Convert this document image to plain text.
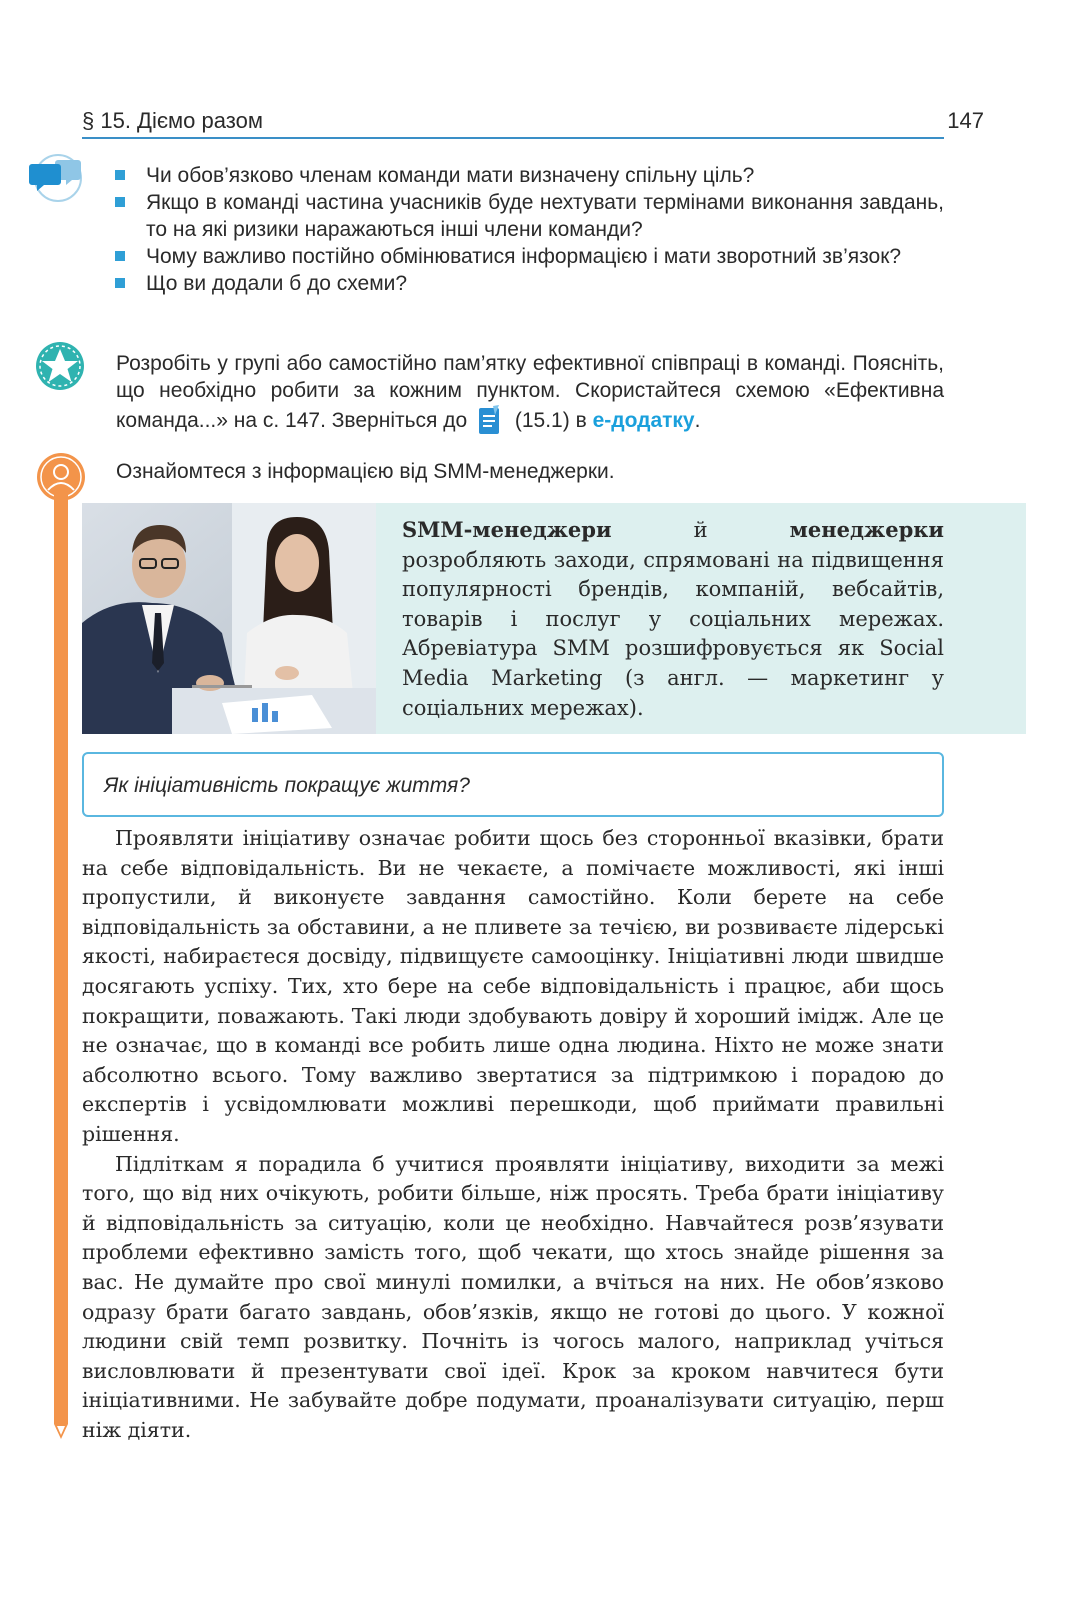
§ 15. Діємо разом	147
Чи обов’язково членам команди мати визначену спільну ціль?
Якщо в команді частина учасників буде нехтувати термінами виконання завдань, то на які ризики наражаються інші члени команди?
Чому важливо постійно обмінюватися інформацією і мати зворотний зв’язок?
Що ви додали б до схеми?
Розробіть у групі або самостійно пам’ятку ефективної співпраці в команді. Поясніть, що необхідно робити за кожним пунктом. Скористайтеся схемою «Ефективна команда...» на с. 147. Зверніться до (15.1) в е-додатку.
Ознайомтеся з інформацією від SMM-менеджерки.
SMM-менеджери й менеджерки розробляють заходи, спрямовані на підвищення популярності брендів, компаній, вебсайтів, товарів і послуг у соціальних мережах. Абревіатура SMM розшифровується як Social Media Marketing (з англ. — маркетинг у соціальних мережах).
Як ініціативність покращує життя?

Проявляти ініціативу означає робити щось без сторонньої вказівки, брати на себе відповідальність. Ви не чекаєте, а помічаєте можливості, які інші пропустили, й виконуєте завдання самостійно. Коли берете на себе відповідальність за обставини, а не пливете за течією, ви розвиваєте лідерські якості, набираєтеся досвіду, підвищуєте самооцінку. Ініціативні люди швидше досягають успіху. Тих, хто бере на себе відповідальність і працює, аби щось покращити, поважають. Такі люди здобувають довіру й хороший імідж. Але це не означає, що в команді все робить лише одна людина. Ніхто не може знати абсолютно всього. Тому важливо звертатися за підтримкою і порадою до експертів і усвідомлювати можливі перешкоди, щоб приймати правильні рішення.

Підліткам я порадила б учитися проявляти ініціативу, виходити за межі того, що від них очікують, робити більше, ніж просять. Треба брати ініціативу й відповідальність за ситуацію, коли це необхідно. Навчайтеся розв’язувати проблеми ефективно замість того, щоб чекати, що хтось знайде рішення за вас. Не думайте про свої минулі помилки, а вчіться на них. Не обов’язково одразу брати багато завдань, обов’язків, якщо не готові до цього. У кожної людини свій темп розвитку. Почніть із чогось малого, наприклад учіться висловлювати й презентувати свої ідеї. Крок за кроком навчитеся бути ініціативними. Не забувайте добре подумати, проаналізувати ситуацію, перш ніж діяти.
